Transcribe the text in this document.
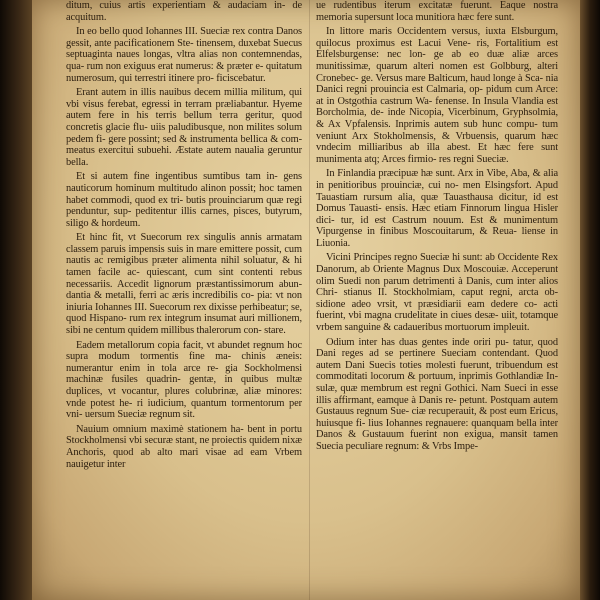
ditum, cuius artis experientiam & audaciam in- de acquitum.

In eo bello quod Iohannes III. Sueciæ rex contra Danos gessit, ante pacificationem Ste- tinensem, duxebat Suecus septuaginta naues longas, vltra alias non contemnendas, qua- rum non exiguus erat numerus: & præter e- quitatum numerosum, qui terrestri itinere pro- ficiscebatur.

Erant autem in illis nauibus decem millia militum, qui vbi visus ferebat, egressi in terram præliabantur. Hyeme autem fere in his terris bellum terra geritur, quod concretis glacie flu- uiis paludibusque, non milites solum pedem fi- gere possint; sed & instrumenta bellica & com- meatus exercitui subuehi. Æstate autem naualia geruntur bella.

Et si autem fine ingentibus sumtibus tam in- gens nauticorum hominum multitudo alinon possit; hoc tamen habet commodi, quod ex tri- butis prouinciarum quæ regi penduntur, sup- peditentur illis carnes, pisces, butyrum, siligo & hordeum.

Et hinc fit, vt Suecorum rex singulis annis armatam classem paruis impensis suis in mare emittere possit, cum nautis ac remigibus præter alimenta nihil soluatur, & hi tamen facile ac- quiescant, cum sint contenti rebus necessariis. Accedit lignorum præstantissimorum abun- dantia & metalli, ferri ac æris incredibilis co- pia: vt non iniuria Iohannes III. Suecorum rex dixisse perhibeatur; se, quod Hispano- rum rex integrum insumat auri millionem, sibi ne centum quidem millibus thalerorum con- stare.

Eadem metallorum copia facit, vt abundet regnum hoc supra modum tormentis fine ma- chinis æneis: numerantur enim in tola arce re- gia Sockholmensi machinæ fusiles quadrin- gentæ, in quibus multæ duplices, vt vocantur, plures colubrinæ, aliæ minores: vnde potest he- ri iudicium, quantum tormentorum per vni- uersum Sueciæ regnum sit.

Nauium omnium maximè stationem ha- bent in portu Stockholmensi vbi securæ stant, ne proiectis quidem nixæ Anchoris, quod ab alto mari visae ad eam Vrbem nauigetur inter

ue rudentibus iterum excitatæ fuerunt. Eaque nostra memoria supersunt loca munitiora hæc fere sunt.

In littore maris Occidentem versus, iuxta Elsburgum, quilocus proximus est Lacui Vene- ris, Fortalitium est Elfelsburgense: nec lon- ge ab eo duæ aliæ arces munitissimæ, quarum alteri nomen est Golbburg, alteri Cronebec- ge. Versus mare Balticum, haud longe à Sca- nia Danici regni prouincia est Calmaria, op- pidum cum Arce: at in Ostgothia castrum Wa- fenense. In Insula Vlandia est Borcholmia, de- inde Nicopia, Vicerbinum, Gryphsolmia, & Ax Vpfalensis. Inprimis autem sub hunc compu- tum veniunt Arx Stokholmensis, & Vrbuensis, quarum hæc vndecim milliaribus ab illa abest. Et hæc fere sunt munimenta atq; Arces firmio- res regni Sueciæ.

In Finlandia præcipuæ hæ sunt. Arx in Vibe, Aba, & alia in penitioribus prouinciæ, cui no- men Elsingsfort. Apud Tauastiam rursum alia, quæ Tauasthausa dicitur, id est Domus Tauasti- ensis. Hæc etiam Finnorum lingua Hisler dici- tur, id est Castrum nouum. Est & munimentum Vipurgense in finibus Moscouitarum, & Reua- liense in Liuonia.

Vicini Principes regno Sueciæ hi sunt: ab Occidente Rex Danorum, ab Oriente Magnus Dux Moscouiæ. Acceperunt olim Suedi non parum detrimenti à Danis, cum inter alios Chri- stianus II. Stockholmiam, caput regni, arcta ob- sidione adeo vrsit, vt præsidiarii eam dedere co- acti fuerint, vbi magna crudelitate in ciues desæ- uiit, totamque vrbem sanguine & cadaueribus mortuorum impleuit.

Odium inter has duas gentes inde oriri pu- tatur, quod Dani reges ad se pertinere Sueciam contendant. Quod autem Dani Suecis toties molesti fuerunt, tribuendum est commoditati locorum & portuum, inprimis Gothlandiæ In- sulæ, quæ membrum est regni Gothici. Nam Sueci in esse illis affirmant, eamque à Danis re- petunt. Postquam autem Gustauus regnum Sue- ciæ recuperauit, & post eum Ericus, huiusque fi- lius Iohannes regnauere: quanquam bella inter Danos & Gustauum fuerint non exigua, mansit tamen Suecia peculiare regnum: & Vrbs Impe-
